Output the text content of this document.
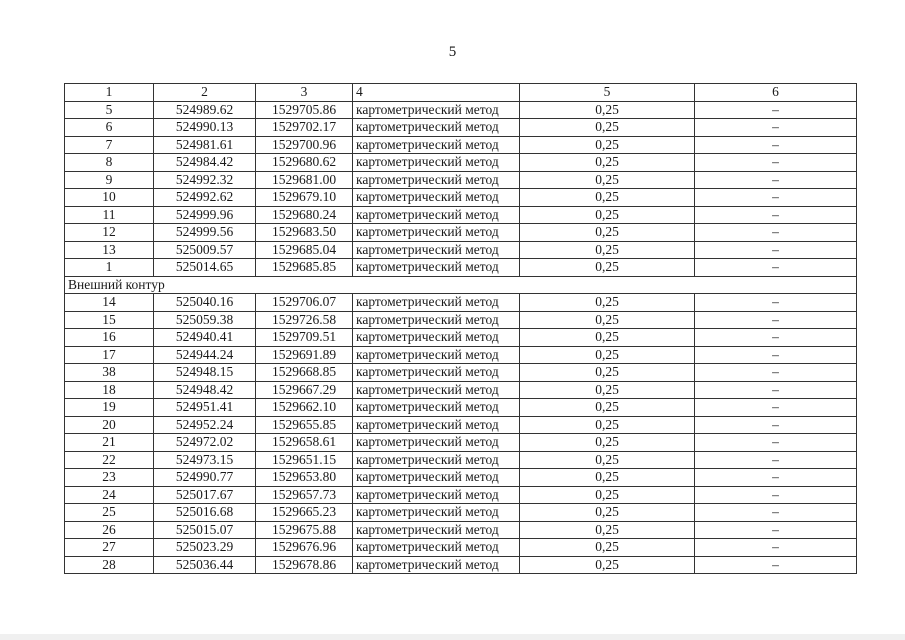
5
1	2	3	4	5	6
5	524989.62	1529705.86	картометрический метод	0,25	–
6	524990.13	1529702.17	картометрический метод	0,25	–
7	524981.61	1529700.96	картометрический метод	0,25	–
8	524984.42	1529680.62	картометрический метод	0,25	–
9	524992.32	1529681.00	картометрический метод	0,25	–
10	524992.62	1529679.10	картометрический метод	0,25	–
11	524999.96	1529680.24	картометрический метод	0,25	–
12	524999.56	1529683.50	картометрический метод	0,25	–
13	525009.57	1529685.04	картометрический метод	0,25	–
1	525014.65	1529685.85	картометрический метод	0,25	–
Внешний контур					
14	525040.16	1529706.07	картометрический метод	0,25	–
15	525059.38	1529726.58	картометрический метод	0,25	–
16	524940.41	1529709.51	картометрический метод	0,25	–
17	524944.24	1529691.89	картометрический метод	0,25	–
38	524948.15	1529668.85	картометрический метод	0,25	–
18	524948.42	1529667.29	картометрический метод	0,25	–
19	524951.41	1529662.10	картометрический метод	0,25	–
20	524952.24	1529655.85	картометрический метод	0,25	–
21	524972.02	1529658.61	картометрический метод	0,25	–
22	524973.15	1529651.15	картометрический метод	0,25	–
23	524990.77	1529653.80	картометрический метод	0,25	–
24	525017.67	1529657.73	картометрический метод	0,25	–
25	525016.68	1529665.23	картометрический метод	0,25	–
26	525015.07	1529675.88	картометрический метод	0,25	–
27	525023.29	1529676.96	картометрический метод	0,25	–
28	525036.44	1529678.86	картометрический метод	0,25	–
